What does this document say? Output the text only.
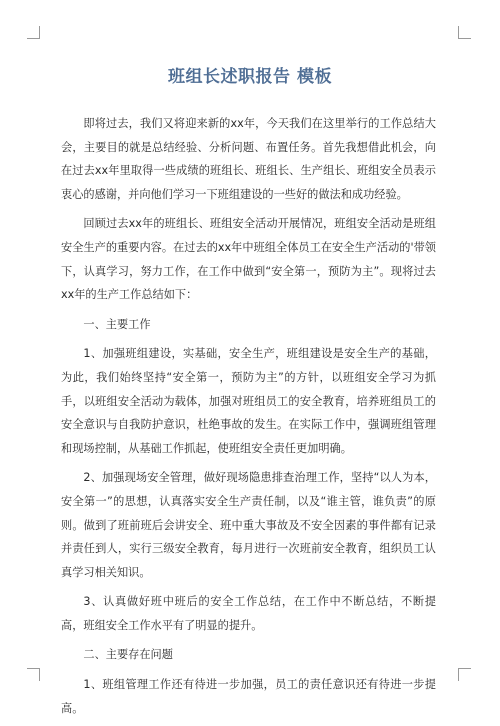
班组长述职报告 模板

即将过去，我们又将迎来新的xx年，今天我们在这里举行的工作总结大会，主要目的就是总结经验、分析问题、布置任务。首先我想借此机会，向在过去xx年里取得一些成绩的班组长、班组长、生产组长、班组安全员表示衷心的感谢，并向他们学习一下班组建设的一些好的做法和成功经验。

回顾过去xx年的班组长、班组安全活动开展情况，班组安全活动是班组安全生产的重要内容。在过去的xx年中班组全体员工在安全生产活动的'带领下，认真学习，努力工作，在工作中做到“安全第一，预防为主”。现将过去xx年的生产工作总结如下：

一、主要工作

1、加强班组建设，实基础，安全生产，班组建设是安全生产的基础，为此，我们始终坚持“安全第一，预防为主”的方针，以班组安全学习为抓手，以班组安全活动为载体，加强对班组员工的安全教育，培养班组员工的安全意识与自我防护意识，杜绝事故的发生。在实际工作中，强调班组管理和现场控制，从基础工作抓起，使班组安全责任更加明确。

2、加强现场安全管理，做好现场隐患排查治理工作，坚持“以人为本，安全第一”的思想，认真落实安全生产责任制，以及“谁主管，谁负责”的原则。做到了班前班后会讲安全、班中重大事故及不安全因素的事件都有记录并责任到人，实行三级安全教育，每月进行一次班前安全教育，组织员工认真学习相关知识。

3、认真做好班中班后的安全工作总结，在工作中不断总结，不断提高，班组安全工作水平有了明显的提升。

二、主要存在问题

1、班组管理工作还有待进一步加强，员工的责任意识还有待进一步提高。
